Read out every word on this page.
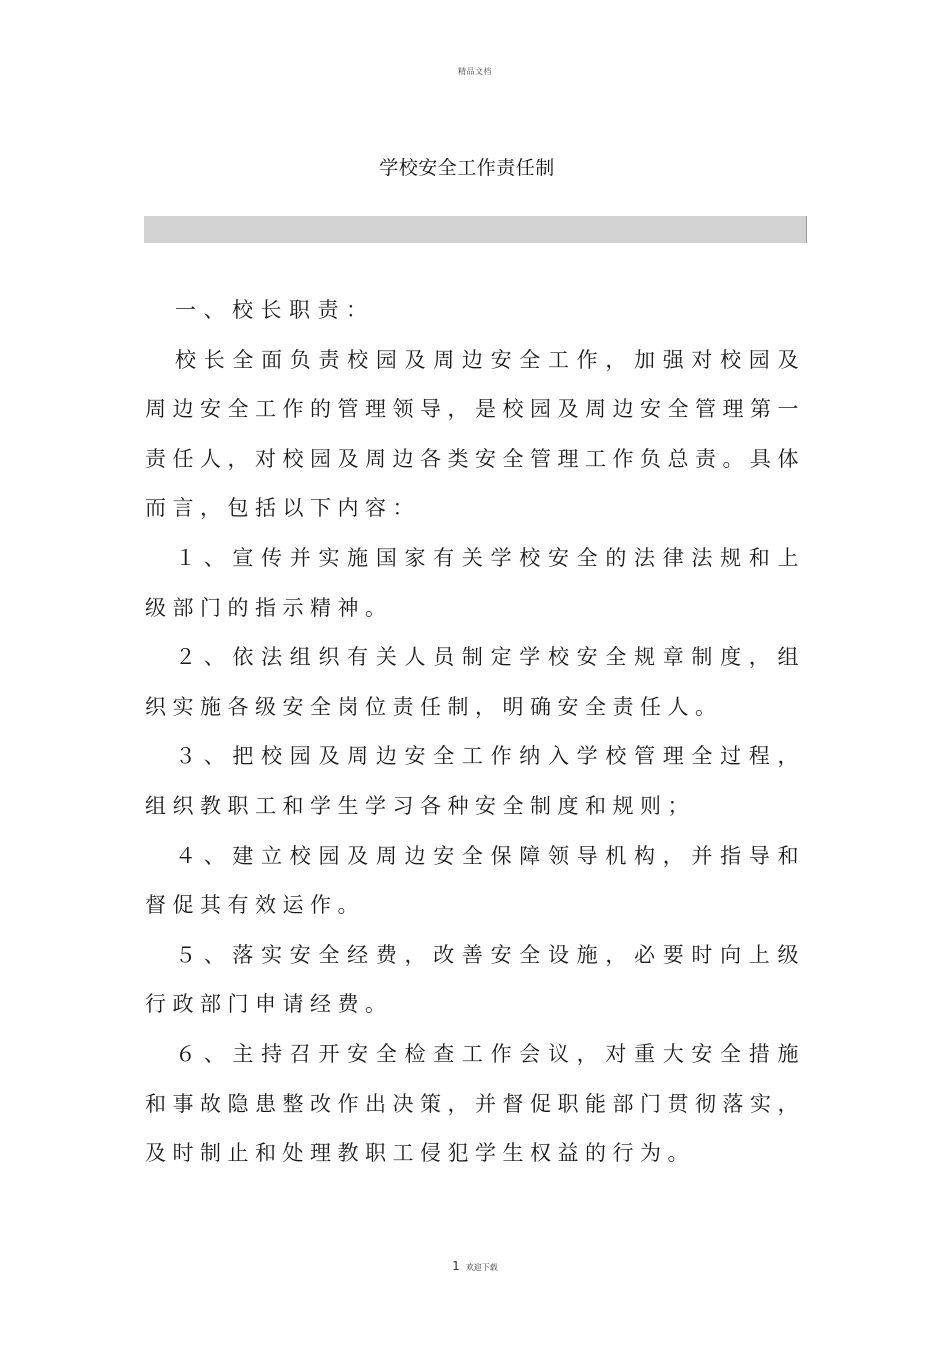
精品文档
学校安全工作责任制

一、校长职责：

校长全面负责校园及周边安全工作，加强对校园及周边安全工作的管理领导，是校园及周边安全管理第一责任人，对校园及周边各类安全管理工作负总责。具体而言，包括以下内容：

１、宣传并实施国家有关学校安全的法律法规和上级部门的指示精神。

２、依法组织有关人员制定学校安全规章制度，组织实施各级安全岗位责任制，明确安全责任人。

３、把校园及周边安全工作纳入学校管理全过程，组织教职工和学生学习各种安全制度和规则；

４、建立校园及周边安全保障领导机构，并指导和督促其有效运作。

５、落实安全经费，改善安全设施，必要时向上级行政部门申请经费。

６、主持召开安全检查工作会议，对重大安全措施和事故隐患整改作出决策，并督促职能部门贯彻落实，及时制止和处理教职工侵犯学生权益的行为。

1 欢迎下载
